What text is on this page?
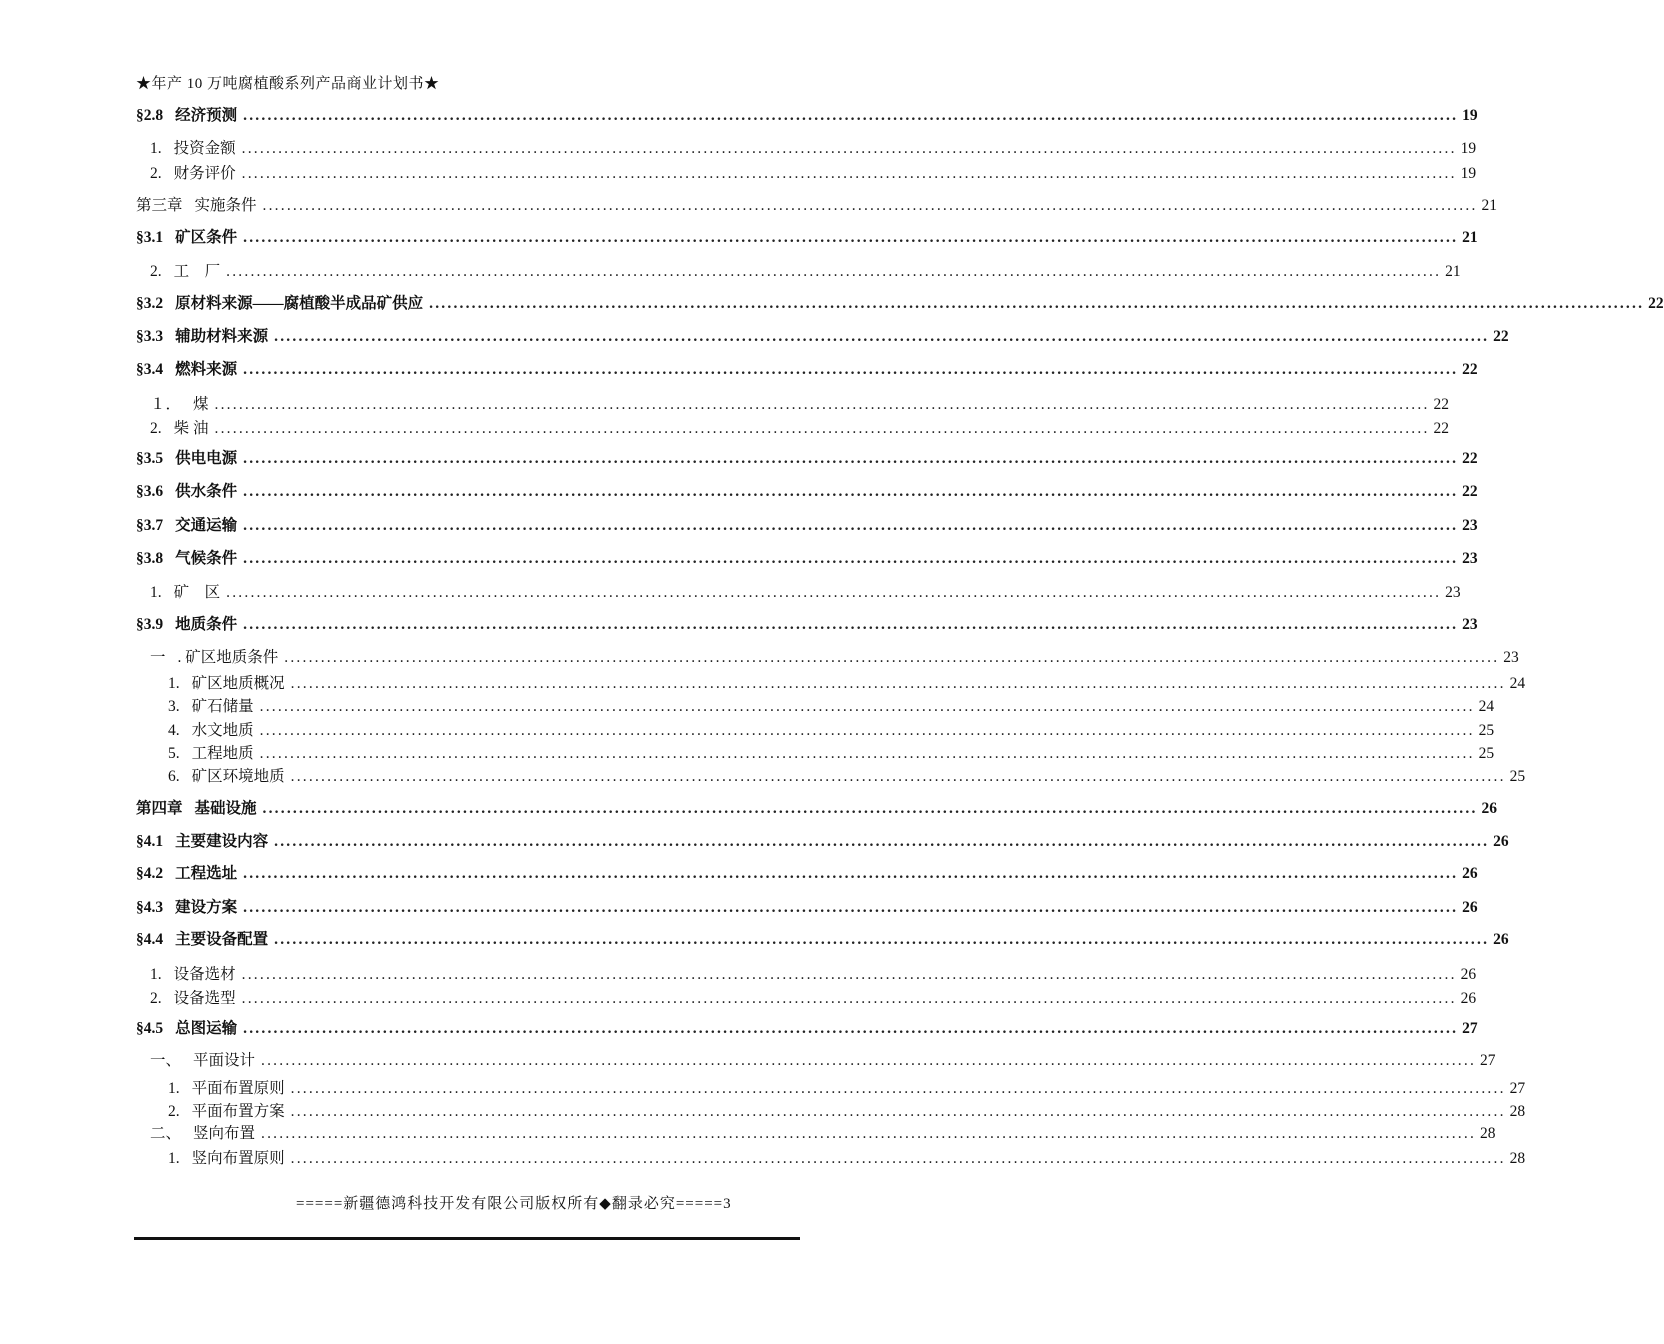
★年产 10 万吨腐植酸系列产品商业计划书★
§2.8 经济预测 ........................................................................................................................................................................................................ 19
1. 投资金额 ........................................................................................................................................................................................................ 19
2. 财务评价 ........................................................................................................................................................................................................ 19
第三章 实施条件 ........................................................................................................................................................................................................ 21
§3.1 矿区条件 ........................................................................................................................................................................................................ 21
2. 工　厂 ........................................................................................................................................................................................................ 21
§3.2 原材料来源——腐植酸半成品矿供应 ........................................................................................................................................................................................................ 22
§3.3 辅助材料来源 ........................................................................................................................................................................................................ 22
§3.4 燃料来源 ........................................................................................................................................................................................................ 22
１． 煤 ........................................................................................................................................................................................................ 22
2. 柴 油 ........................................................................................................................................................................................................ 22
§3.5 供电电源 ........................................................................................................................................................................................................ 22
§3.6 供水条件 ........................................................................................................................................................................................................ 22
§3.7 交通运输 ........................................................................................................................................................................................................ 23
§3.8 气候条件 ........................................................................................................................................................................................................ 23
1. 矿　区 ........................................................................................................................................................................................................ 23
§3.9 地质条件 ........................................................................................................................................................................................................ 23
一 . 矿区地质条件 ........................................................................................................................................................................................................ 23
1. 矿区地质概况 ........................................................................................................................................................................................................ 24
3. 矿石储量 ........................................................................................................................................................................................................ 24
4. 水文地质 ........................................................................................................................................................................................................ 25
5. 工程地质 ........................................................................................................................................................................................................ 25
6. 矿区环境地质 ........................................................................................................................................................................................................ 25
第四章 基础设施 ........................................................................................................................................................................................................ 26
§4.1 主要建设内容 ........................................................................................................................................................................................................ 26
§4.2 工程选址 ........................................................................................................................................................................................................ 26
§4.3 建设方案 ........................................................................................................................................................................................................ 26
§4.4 主要设备配置 ........................................................................................................................................................................................................ 26
1. 设备选材 ........................................................................................................................................................................................................ 26
2. 设备选型 ........................................................................................................................................................................................................ 26
§4.5 总图运输 ........................................................................................................................................................................................................ 27
一、 平面设计 ........................................................................................................................................................................................................ 27
1. 平面布置原则 ........................................................................................................................................................................................................ 27
2. 平面布置方案 ........................................................................................................................................................................................................ 28
二、 竖向布置 ........................................................................................................................................................................................................ 28
1. 竖向布置原则 ........................................................................................................................................................................................................ 28
=====新疆德鸿科技开发有限公司版权所有◆翻录必究=====3
